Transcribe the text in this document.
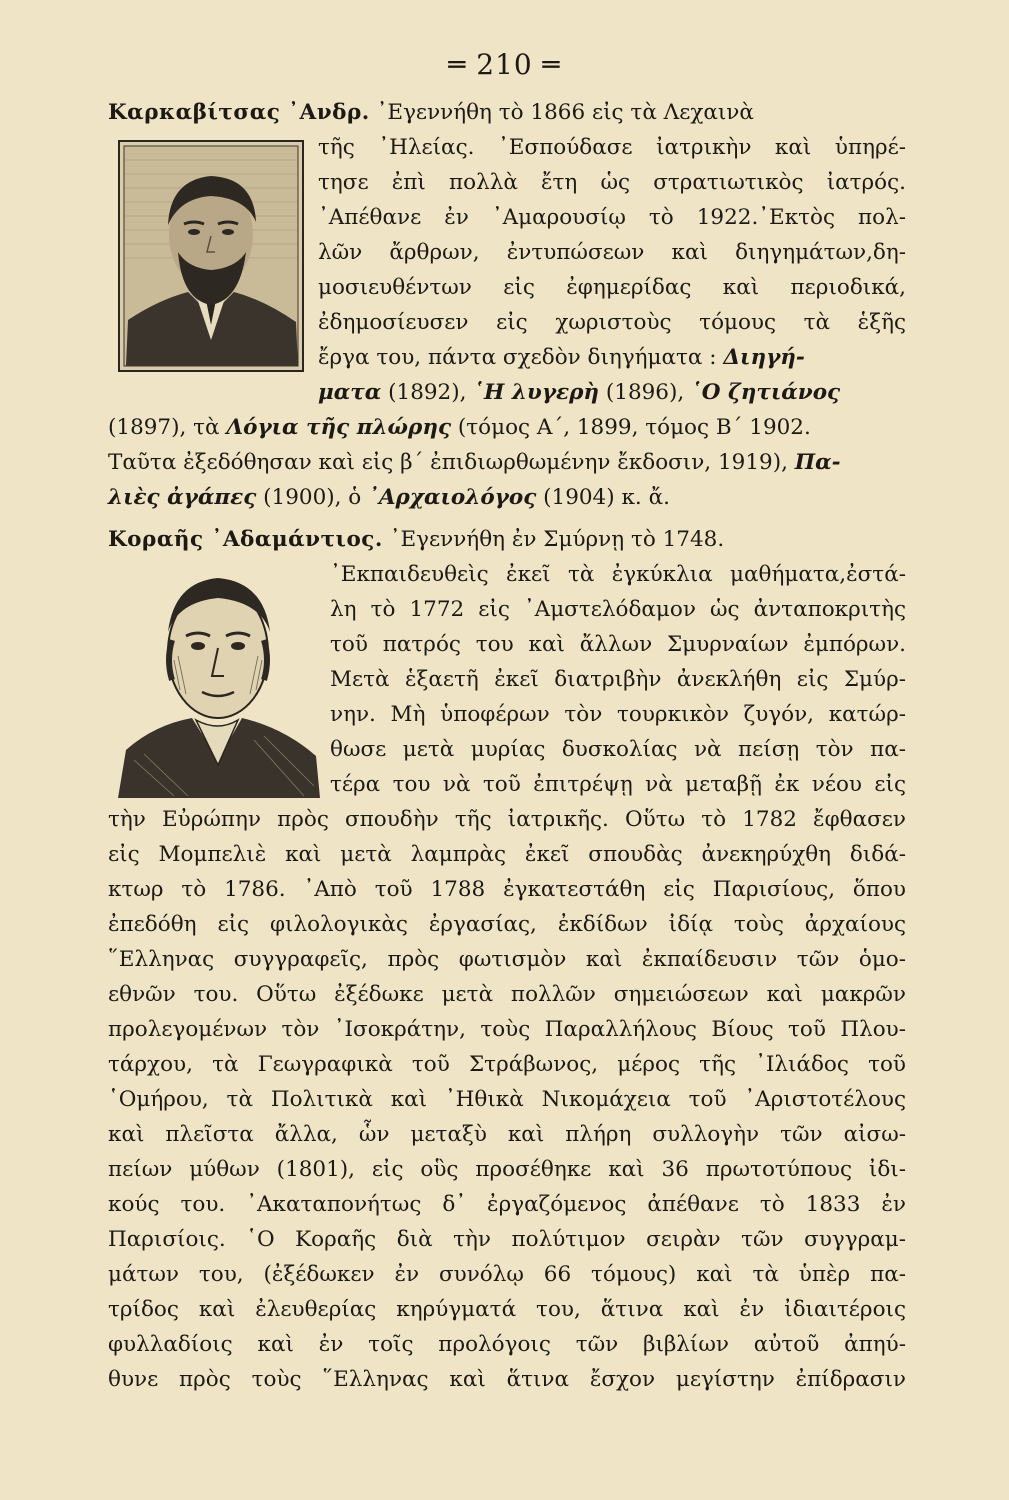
═ 210 ═
Καρκαβίτσας ᾿Ανδρ. ᾿Εγεννήθη τὸ 1866 εἰς τὰ Λεχαινὰ
τῆς ᾿Ηλείας. ᾿Εσπούδασε ἰατρικὴν καὶ ὑπηρέ-
τησε ἐπὶ πολλὰ ἔτη ὡς στρατιωτικὸς ἰατρός.
᾿Απέθανε ἐν ᾿Αμαρουσίῳ τὸ 1922.᾿Εκτὸς πολ-
λῶν ἄρθρων, ἐντυπώσεων καὶ διηγημάτων,δη-
μοσιευθέντων εἰς ἐφημερίδας καὶ περιοδικά,
ἐδημοσίευσεν εἰς χωριστοὺς τόμους τὰ ἑξῆς
ἔργα του, πάντα σχεδὸν διηγήματα : Διηγή-
ματα (1892), ῾Η λυγερὴ (1896), ῾Ο ζητιάνος
(1897), τὰ Λόγια τῆς πλώρης (τόμος Α΄, 1899, τόμος Β΄ 1902.
Ταῦτα ἐξεδόθησαν καὶ εἰς β΄ ἐπιδιωρθωμένην ἔκδοσιν, 1919), Πα-
λιὲς ἀγάπες (1900), ὁ ᾿Αρχαιολόγος (1904) κ. ἄ.
Κοραῆς ᾿Αδαμάντιος. ᾿Εγεννήθη ἐν Σμύρνῃ τὸ 1748.
᾿Εκπαιδευθεὶς ἐκεῖ τὰ ἐγκύκλια μαθήματα,ἐστά-
λη τὸ 1772 εἰς ᾿Αμστελόδαμον ὡς ἀνταποκριτὴς
τοῦ πατρός του καὶ ἄλλων Σμυρναίων ἐμπόρων.
Μετὰ ἑξαετῆ ἐκεῖ διατριβὴν ἀνεκλήθη εἰς Σμύρ-
νην. Μὴ ὑποφέρων τὸν τουρκικὸν ζυγόν, κατώρ-
θωσε μετὰ μυρίας δυσκολίας νὰ πείσῃ τὸν πα-
τέρα του νὰ τοῦ ἐπιτρέψῃ νὰ μεταβῇ ἐκ νέου εἰς
τὴν Εὐρώπην πρὸς σπουδὴν τῆς ἰατρικῆς. Οὕτω τὸ 1782 ἔφθασεν
εἰς Μομπελιὲ καὶ μετὰ λαμπρὰς ἐκεῖ σπουδὰς ἀνεκηρύχθη διδά-
κτωρ τὸ 1786. ᾿Απὸ τοῦ 1788 ἐγκατεστάθη εἰς Παρισίους, ὅπου
ἐπεδόθη εἰς φιλολογικὰς ἐργασίας, ἐκδίδων ἰδίᾳ τοὺς ἀρχαίους
῞Ελληνας συγγραφεῖς, πρὸς φωτισμὸν καὶ ἐκπαίδευσιν τῶν ὁμο-
εθνῶν του. Οὕτω ἐξέδωκε μετὰ πολλῶν σημειώσεων καὶ μακρῶν
προλεγομένων τὸν ᾿Ισοκράτην, τοὺς Παραλλήλους Βίους τοῦ Πλου-
τάρχου, τὰ Γεωγραφικὰ τοῦ Στράβωνος, μέρος τῆς ᾿Ιλιάδος τοῦ
῾Ομήρου, τὰ Πολιτικὰ καὶ ᾿Ηθικὰ Νικομάχεια τοῦ ᾿Αριστοτέλους
καὶ πλεῖστα ἄλλα, ὧν μεταξὺ καὶ πλήρη συλλογὴν τῶν αἰσω-
πείων μύθων (1801), εἰς οὓς προσέθηκε καὶ 36 πρωτοτύπους ἰδι-
κούς του. ᾿Ακαταπονήτως δ᾿ ἐργαζόμενος ἀπέθανε τὸ 1833 ἐν
Παρισίοις. ῾Ο Κοραῆς διὰ τὴν πολύτιμον σειρὰν τῶν συγγραμ-
μάτων του, (ἐξέδωκεν ἐν συνόλῳ 66 τόμους) καὶ τὰ ὑπὲρ πα-
τρίδος καὶ ἐλευθερίας κηρύγματά του, ἅτινα καὶ ἐν ἰδιαιτέροις
φυλλαδίοις καὶ ἐν τοῖς προλόγοις τῶν βιβλίων αὐτοῦ ἀπηύ-
θυνε πρὸς τοὺς ῞Ελληνας καὶ ἅτινα ἔσχον μεγίστην ἐπίδρασιν
